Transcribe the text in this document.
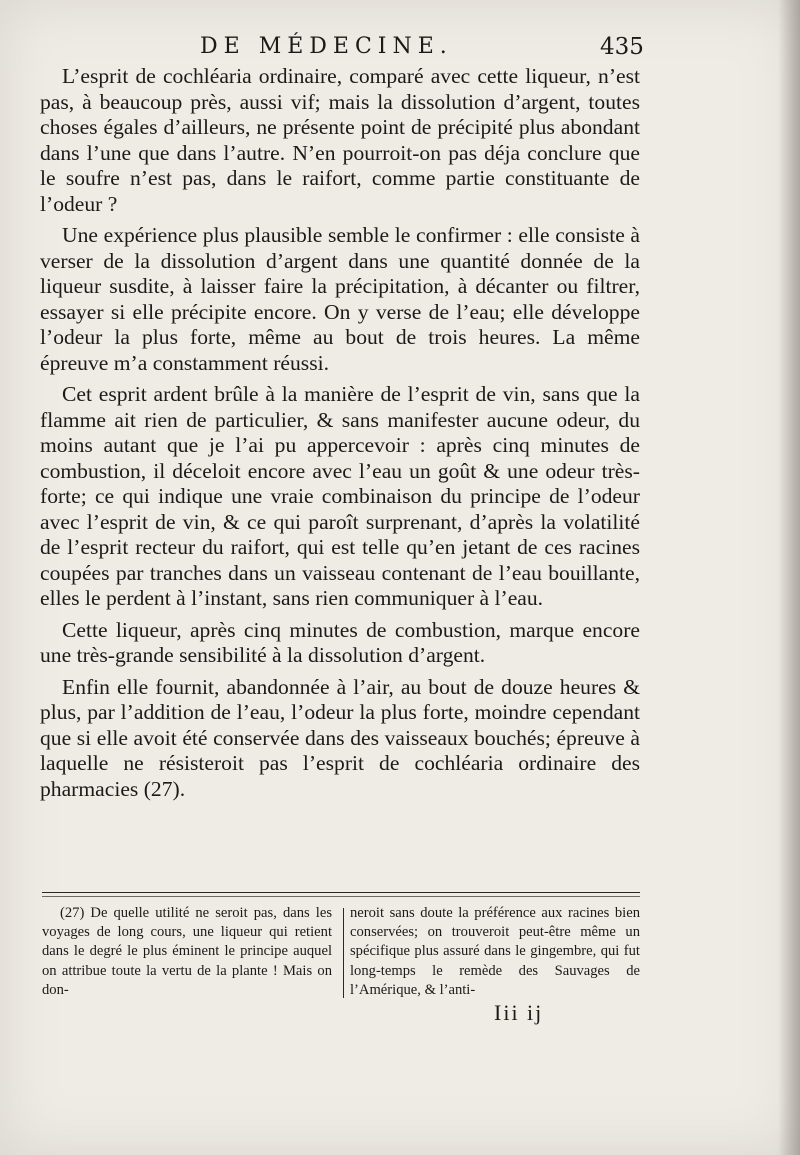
DE MÉDECINE.	435

L’esprit de cochléaria ordinaire, comparé avec cette liqueur, n’est pas, à beaucoup près, aussi vif; mais la dissolution d’argent, toutes choses égales d’ailleurs, ne présente point de précipité plus abondant dans l’une que dans l’autre. N’en pourroit-on pas déja conclure que le soufre n’est pas, dans le raifort, comme partie constituante de l’odeur ?

Une expérience plus plausible semble le confirmer : elle consiste à verser de la dissolution d’argent dans une quantité donnée de la liqueur susdite, à laisser faire la précipitation, à décanter ou filtrer, essayer si elle précipite encore. On y verse de l’eau; elle développe l’odeur la plus forte, même au bout de trois heures. La même épreuve m’a constamment réussi.

Cet esprit ardent brûle à la manière de l’esprit de vin, sans que la flamme ait rien de particulier, & sans manifester aucune odeur, du moins autant que je l’ai pu appercevoir : après cinq minutes de combustion, il déceloit encore avec l’eau un goût & une odeur très-forte; ce qui indique une vraie combinaison du principe de l’odeur avec l’esprit de vin, & ce qui paroît surprenant, d’après la volatilité de l’esprit recteur du raifort, qui est telle qu’en jetant de ces racines coupées par tranches dans un vaisseau contenant de l’eau bouillante, elles le perdent à l’instant, sans rien communiquer à l’eau.

Cette liqueur, après cinq minutes de combustion, marque encore une très-grande sensibilité à la dissolution d’argent.

Enfin elle fournit, abandonnée à l’air, au bout de douze heures & plus, par l’addition de l’eau, l’odeur la plus forte, moindre cependant que si elle avoit été conservée dans des vaisseaux bouchés; épreuve à laquelle ne résisteroit pas l’esprit de cochléaria ordinaire des pharmacies (27).

(27) De quelle utilité ne seroit pas, dans les voyages de long cours, une liqueur qui retient dans le degré le plus éminent le principe auquel on attribue toute la vertu de la plante ! Mais on don-
neroit sans doute la préférence aux racines bien conservées; on trouveroit peut-être même un spécifique plus assuré dans le gingembre, qui fut long-temps le remède des Sauvages de l’Amérique, & l’anti-
Iii ij
